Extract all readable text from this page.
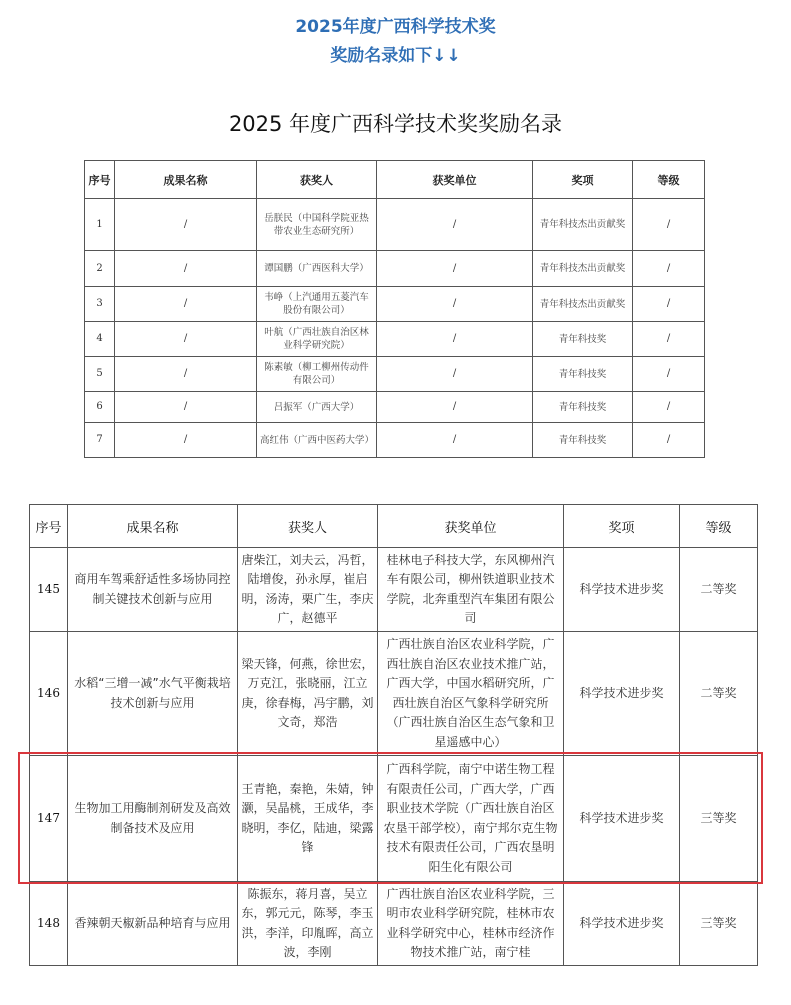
2025年度广西科学技术奖
奖励名录如下↓↓
2025 年度广西科学技术奖奖励名录
序号	成果名称	获奖人	获奖单位	奖项	等级
1	/	岳朕民（中国科学院亚热带农业生态研究所）	/	青年科技杰出贡献奖	/
2	/	谭国鹏（广西医科大学）	/	青年科技杰出贡献奖	/
3	/	韦峥（上汽通用五菱汽车股份有限公司）	/	青年科技杰出贡献奖	/
4	/	叶航（广西壮族自治区林业科学研究院）	/	青年科技奖	/
5	/	陈素敏（柳工柳州传动件有限公司）	/	青年科技奖	/
6	/	吕振军（广西大学）	/	青年科技奖	/
7	/	高红伟（广西中医药大学）	/	青年科技奖	/
序号	成果名称	获奖人	获奖单位	奖项	等级
145	商用车驾乘舒适性多场协同控制关键技术创新与应用	唐柴江，刘夫云，冯哲，陆增俊，孙永厚，崔启明，汤涛，栗广生，李庆广，赵德平	桂林电子科技大学，东风柳州汽车有限公司，柳州铁道职业技术学院，北奔重型汽车集团有限公司	科学技术进步奖	二等奖
146	水稻“三增一减”水气平衡栽培技术创新与应用	梁天锋，何燕，徐世宏，万克江，张晓丽，江立庚，徐春梅，冯宇鹏，刘文奇，郑浩	广西壮族自治区农业科学院，广西壮族自治区农业技术推广站，广西大学，中国水稻研究所，广西壮族自治区气象科学研究所（广西壮族自治区生态气象和卫星遥感中心）	科学技术进步奖	二等奖
147	生物加工用酶制剂研发及高效制备技术及应用	王青艳，秦艳，朱婧，钟灏，吴晶桃，王成华，李晓明，李亿，陆迪，梁露锋	广西科学院，南宁中诺生物工程有限责任公司，广西大学，广西职业技术学院（广西壮族自治区农垦干部学校），南宁邦尔克生物技术有限责任公司，广西农垦明阳生化有限公司	科学技术进步奖	三等奖
148	香辣朝天椒新品种培育与应用	陈振东，蒋月喜，吴立东，郭元元，陈琴，李玉洪，李洋，印胤晖，高立波，李刚	广西壮族自治区农业科学院，三明市农业科学研究院，桂林市农业科学研究中心，桂林市经济作物技术推广站，南宁桂	科学技术进步奖	三等奖
